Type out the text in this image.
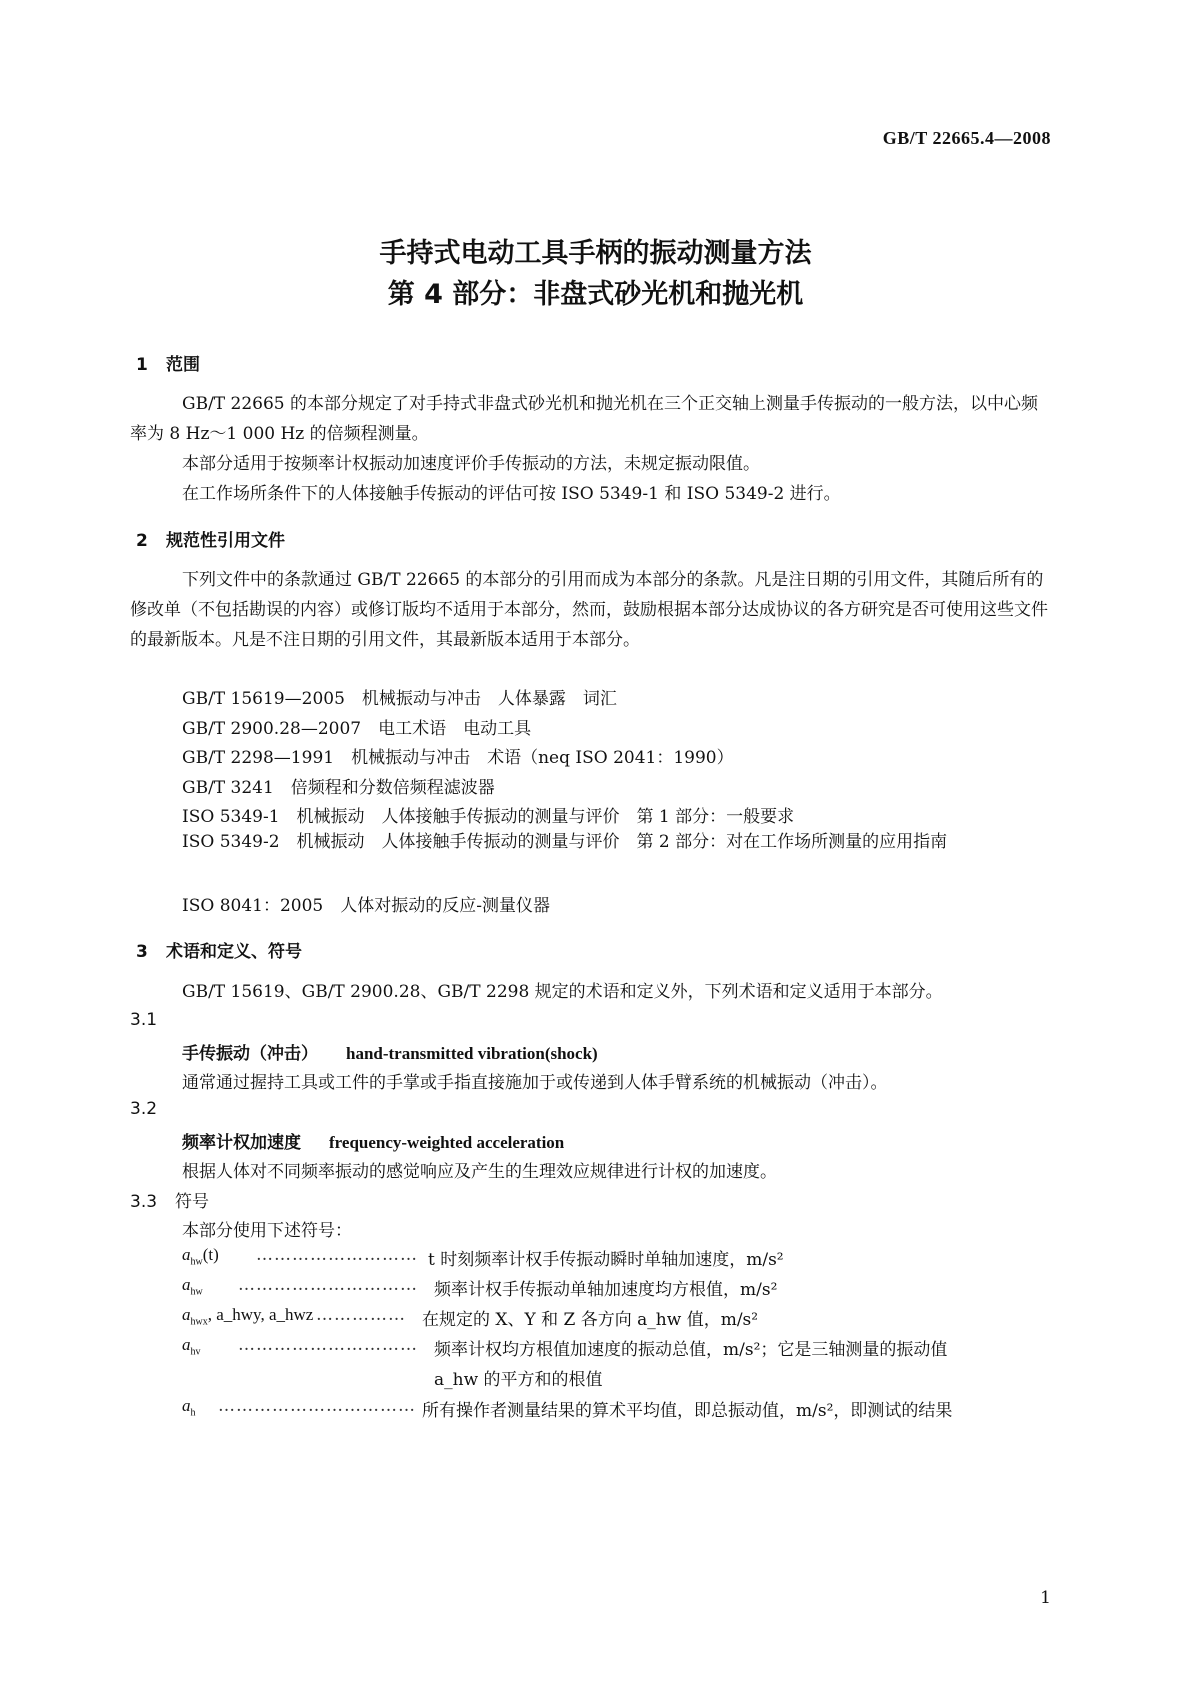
GB/T 22665.4—2008
手持式电动工具手柄的振动测量方法
第 4 部分：非盘式砂光机和抛光机
1 范围
GB/T 22665 的本部分规定了对手持式非盘式砂光机和抛光机在三个正交轴上测量手传振动的一般方法，以中心频率为 8 Hz～1 000 Hz 的倍频程测量。
本部分适用于按频率计权振动加速度评价手传振动的方法，未规定振动限值。
在工作场所条件下的人体接触手传振动的评估可按 ISO 5349-1 和 ISO 5349-2 进行。
2 规范性引用文件
下列文件中的条款通过 GB/T 22665 的本部分的引用而成为本部分的条款。凡是注日期的引用文件，其随后所有的修改单（不包括勘误的内容）或修订版均不适用于本部分，然而，鼓励根据本部分达成协议的各方研究是否可使用这些文件的最新版本。凡是不注日期的引用文件，其最新版本适用于本部分。
GB/T 15619—2005　机械振动与冲击　人体暴露　词汇
GB/T 2900.28—2007　电工术语　电动工具
GB/T 2298—1991　机械振动与冲击　术语（neq ISO 2041：1990）
GB/T 3241　倍频程和分数倍频程滤波器
ISO 5349-1　机械振动　人体接触手传振动的测量与评价　第 1 部分：一般要求
ISO 5349-2　机械振动　人体接触手传振动的测量与评价　第 2 部分：对在工作场所测量的应用指南
ISO 8041：2005　人体对振动的反应-测量仪器
3 术语和定义、符号
GB/T 15619、GB/T 2900.28、GB/T 2298 规定的术语和定义外，下列术语和定义适用于本部分。
3.1
手传振动（冲击） hand-transmitted vibration(shock)
通常通过握持工具或工件的手掌或手指直接施加于或传递到人体手臂系统的机械振动（冲击）。
3.2
频率计权加速度 frequency-weighted acceleration
根据人体对不同频率振动的感觉响应及产生的生理效应规律进行计权的加速度。
3.3 符号
本部分使用下述符号：
$a_{hw}(t)$ ……………………… t 时刻频率计权手传振动瞬时单轴加速度，m/s²
$a_{hw}$ ………………………… 频率计权手传振动单轴加速度均方根值，m/s²
$a_{hwx}$, a_hwy, a_hwz …………… 在规定的 X、Y 和 Z 各方向 a_hw 值，m/s²
$a_{hv}$ ………………………… 频率计权均方根值加速度的振动总值，m/s²；它是三轴测量的振动值
a_hw 的平方和的根值
$a_h$ …………………………… 所有操作者测量结果的算术平均值，即总振动值，m/s²，即测试的结果
1
